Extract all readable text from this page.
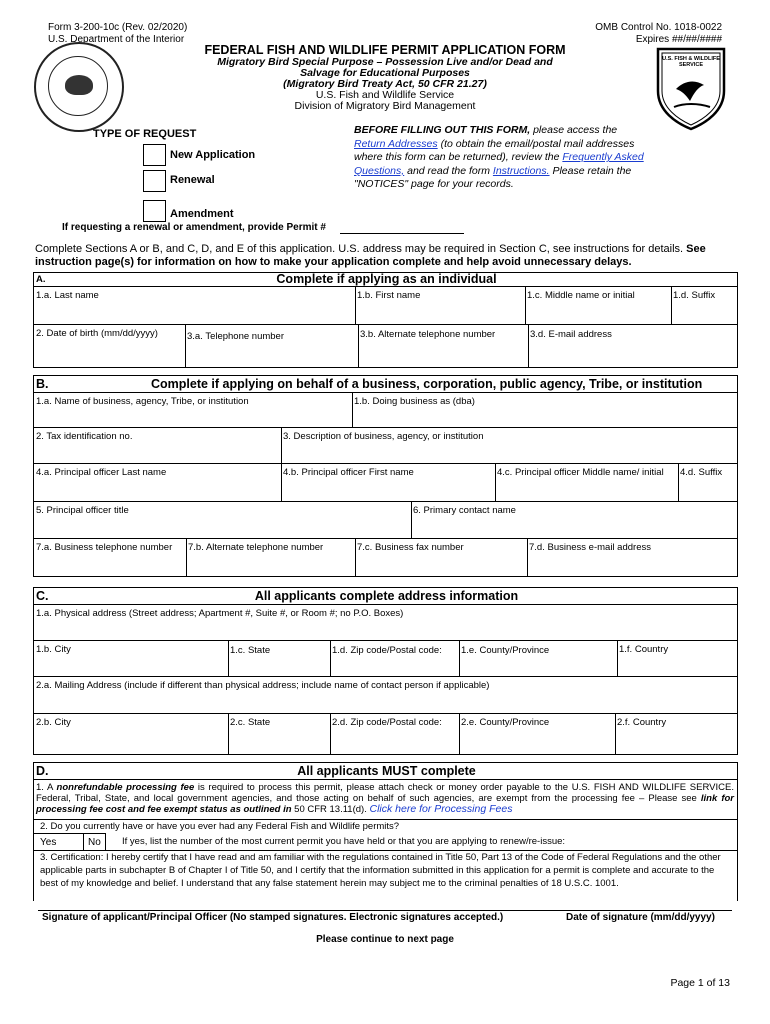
Form 3-200-10c (Rev. 02/2020)
U.S. Department of the Interior
OMB Control No. 1018-0022
Expires ##/##/####
U.S. FISH & WILDLIFE SERVICE
FEDERAL FISH AND WILDLIFE PERMIT APPLICATION FORM
Migratory Bird Special Purpose – Possession Live and/or Dead and
Salvage for Educational Purposes
(Migratory Bird Treaty Act, 50 CFR 21.27)
U.S. Fish and Wildlife Service
Division of Migratory Bird Management
TYPE OF REQUEST
New Application
Renewal
Amendment
BEFORE FILLING OUT THIS FORM, please access the Return Addresses (to obtain the email/postal mail addresses where this form can be returned), review the Frequently Asked Questions, and read the form Instructions. Please retain the "NOTICES" page for your records.
If requesting a renewal or amendment, provide Permit #
Complete Sections A or B, and C, D, and E of this application. U.S. address may be required in Section C, see instructions for details. See instruction page(s) for information on how to make your application complete and help avoid unnecessary delays.
A.	Complete if applying as an individual
1.a. Last name	1.b. First name	1.c. Middle name or initial	1.d. Suffix
2. Date of birth (mm/dd/yyyy)	3.a. Telephone number	3.b. Alternate telephone number	3.d. E-mail address
B.	Complete if applying on behalf of a business, corporation, public agency, Tribe, or institution
1.a. Name of business, agency, Tribe, or institution	1.b. Doing business as (dba)
2. Tax identification no.	3. Description of business, agency, or institution
4.a. Principal officer Last name	4.b. Principal officer First name	4.c. Principal officer Middle name/ initial	4.d. Suffix
5. Principal officer title	6. Primary contact name
7.a. Business telephone number	7.b. Alternate telephone number	7.c. Business fax number	7.d. Business e-mail address
C.	All applicants complete address information
1.a. Physical address (Street address; Apartment #, Suite #, or Room #; no P.O. Boxes)
1.b. City	1.c. State	1.d. Zip code/Postal code:	1.e. County/Province	1.f. Country
2.a. Mailing Address (include if different than physical address; include name of contact person if applicable)
2.b. City	2.c. State	2.d. Zip code/Postal code:	2.e. County/Province	2.f. Country
D.	All applicants MUST complete
1. A nonrefundable processing fee is required to process this permit, please attach check or money order payable to the U.S. FISH AND WILDLIFE SERVICE. Federal, Tribal, State, and local government agencies, and those acting on behalf of such agencies, are exempt from the processing fee – Please see link for processing fee cost and fee exempt status as outlined in 50 CFR 13.11(d). Click here for Processing Fees
2. Do you currently have or have you ever had any Federal Fish and Wildlife permits?
Yes	No If yes, list the number of the most current permit you have held or that you are applying to renew/re-issue:
3. Certification: I hereby certify that I have read and am familiar with the regulations contained in Title 50, Part 13 of the Code of Federal Regulations and the other applicable parts in subchapter B of Chapter I of Title 50, and I certify that the information submitted in this application for a permit is complete and accurate to the best of my knowledge and belief. I understand that any false statement herein may subject me to the criminal penalties of 18 U.S.C. 1001.
Signature of applicant/Principal Officer (No stamped signatures. Electronic signatures accepted.)	Date of signature (mm/dd/yyyy)
Please continue to next page
Page 1 of 13
